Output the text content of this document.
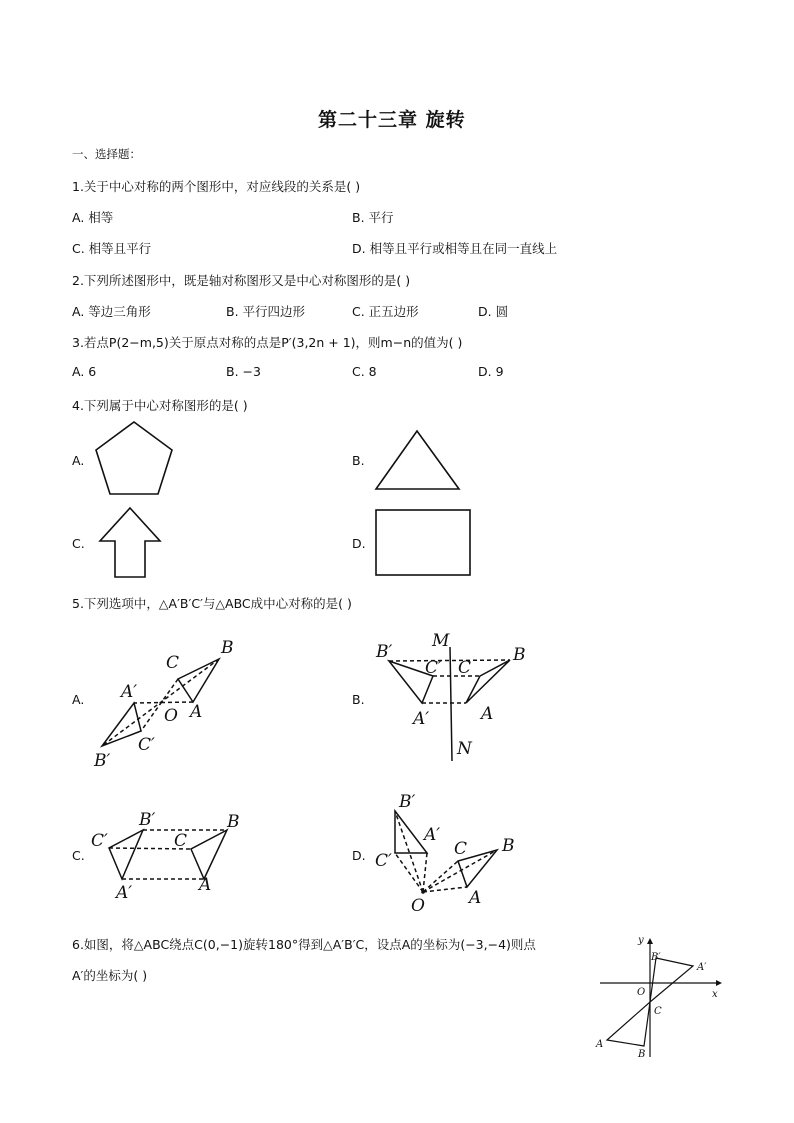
第二十三章 旋转
一、选择题：
1.关于中心对称的两个图形中，对应线段的关系是( )
A. 相等	B. 平行
C. 相等且平行	D. 相等且平行或相等且在同一直线上
2.下列所述图形中，既是轴对称图形又是中心对称图形的是( )
A. 等边三角形	B. 平行四边形	C. 正五边形	D. 圆
3.若点P(2−m,5)关于原点对称的点是P′(3,2n + 1)，则m−n的值为( )
A. 6	B. −3	C. 8	D. 9
4.下列属于中心对称图形的是( )
A.	B.
C.	D.
5.下列选项中，△A′B′C′与△ABC成中心对称的是( )
A.	B.
C.	D.
C
B
A′
O A
C′
B′
B′
M
C′ C
B
A′	A
N
B′	B
C′	C
A′	A
B′
A′
C′
C B
A
O
6.如图，将△ABC绕点C(0,−1)旋转180°得到△A′B′C，设点A的坐标为(−3,−4)则点
A′的坐标为( )
y
B′
A′
O	x
C
A
B
